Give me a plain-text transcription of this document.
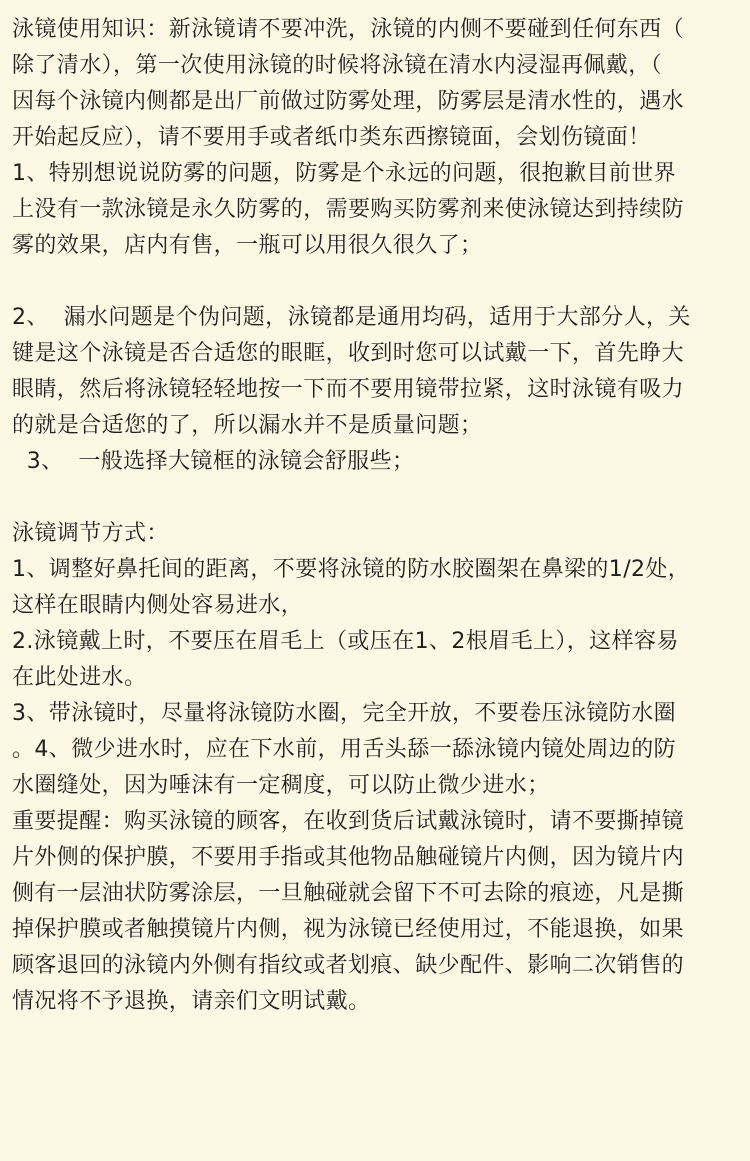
泳镜使用知识：新泳镜请不要冲洗，泳镜的内侧不要碰到任何东西（
除了清水），第一次使用泳镜的时候将泳镜在清水内浸湿再佩戴，（
因每个泳镜内侧都是出厂前做过防雾处理，防雾层是清水性的，遇水
开始起反应），请不要用手或者纸巾类东西擦镜面，会划伤镜面！
1、特别想说说防雾的问题，防雾是个永远的问题，很抱歉目前世界
上没有一款泳镜是永久防雾的，需要购买防雾剂来使泳镜达到持续防
雾的效果，店内有售，一瓶可以用很久很久了；
2、  漏水问题是个伪问题，泳镜都是通用均码，适用于大部分人，关
键是这个泳镜是否合适您的眼眶，收到时您可以试戴一下，首先睁大
眼睛，然后将泳镜轻轻地按一下而不要用镜带拉紧，这时泳镜有吸力
的就是合适您的了，所以漏水并不是质量问题；
3、  一般选择大镜框的泳镜会舒服些；
泳镜调节方式：
1、调整好鼻托间的距离，不要将泳镜的防水胶圈架在鼻梁的1/2处，
这样在眼睛内侧处容易进水，
2.泳镜戴上时，不要压在眉毛上（或压在1、2根眉毛上），这样容易
在此处进水。
3、带泳镜时，尽量将泳镜防水圈，完全开放，不要卷压泳镜防水圈
。4、微少进水时，应在下水前，用舌头舔一舔泳镜内镜处周边的防
水圈缝处，因为唾沫有一定稠度，可以防止微少进水；
重要提醒：购买泳镜的顾客，在收到货后试戴泳镜时，请不要撕掉镜
片外侧的保护膜，不要用手指或其他物品触碰镜片内侧，因为镜片内
侧有一层油状防雾涂层，一旦触碰就会留下不可去除的痕迹，凡是撕
掉保护膜或者触摸镜片内侧，视为泳镜已经使用过，不能退换，如果
顾客退回的泳镜内外侧有指纹或者划痕、缺少配件、影响二次销售的
情况将不予退换，请亲们文明试戴。
